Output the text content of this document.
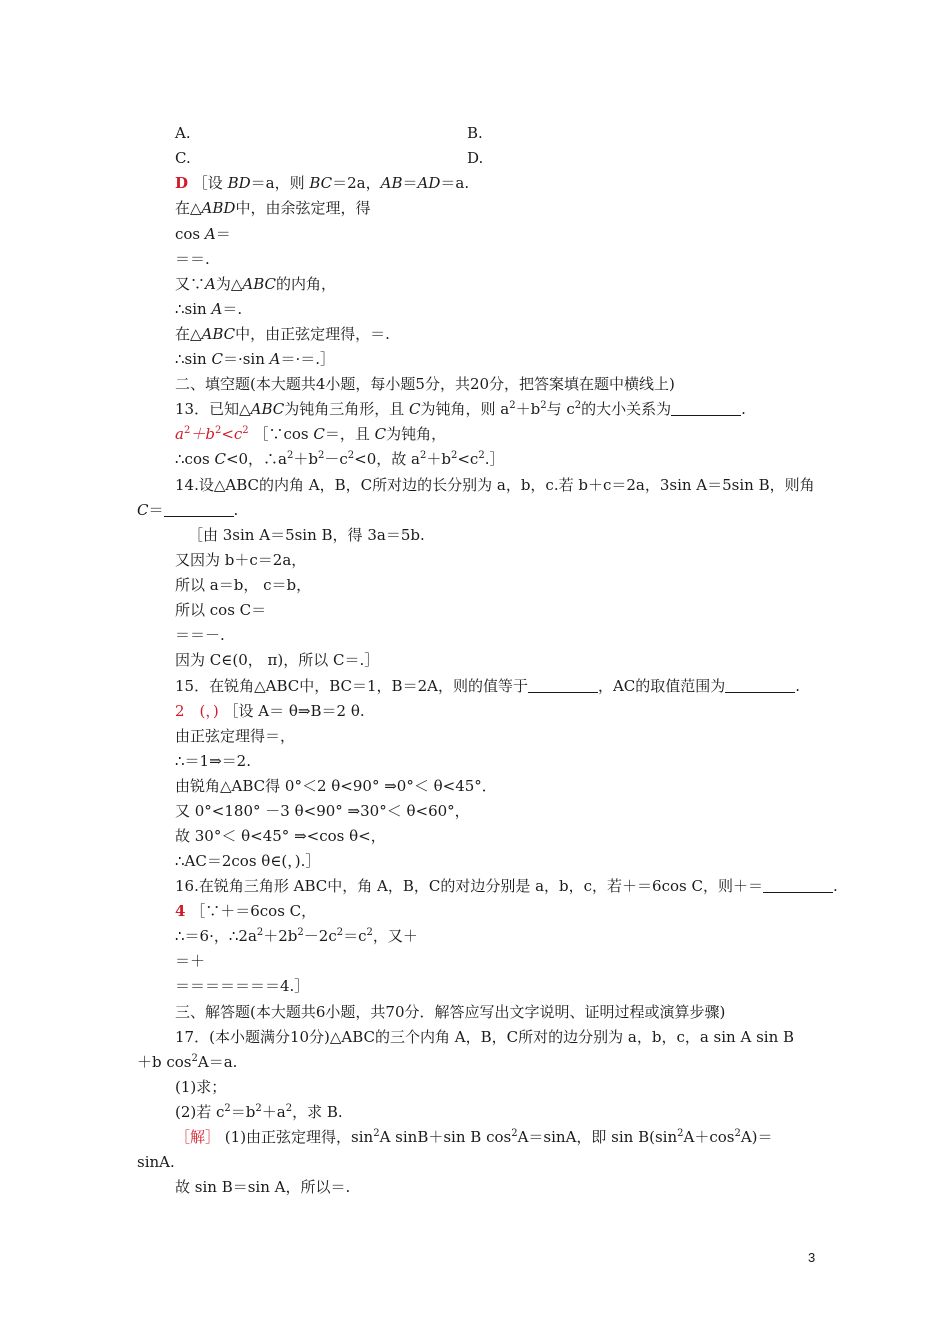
A.	B.
C.	D.
D ［设 BD＝a，则 BC＝2a，AB＝AD＝a.
在△ABD中，由余弦定理，得
cos A＝
＝＝.
又∵A为△ABC的内角，
∴sin A＝.
在△ABC中，由正弦定理得，＝.
∴sin C＝·sin A＝·＝.］
二、填空题(本大题共4小题，每小题5分，共20分，把答案填在题中横线上)
13．已知△ABC为钝角三角形，且 C为钝角，则 $a^2+b^2$与 $c^2$的大小关系为	.
$a^2+b^2<c^2$ ［∵cos C＝，且 C为钝角，
∴cos C<0，$\therefore a^2+b^2-c^2<0$，故 $a^2+b^2<c^2.]$
14.设△ABC的内角 A，B，C所对边的长分别为 a，b，c.若 b＋c＝2a，3sin A＝5sin B，则角
C＝	.
［由 3sin A＝5sin B，得 3a＝5b.
又因为 b＋c＝2a，
所以 a＝b， c＝b，
所以 cos C＝
＝＝－.
因为 C∈(0， π)，所以 C＝.］
15．在锐角△ABC中，BC＝1，B＝2A，则的值等于	，AC的取值范围为	.
2　(，) ［设 A＝ θ⇒B＝2 θ.
由正弦定理得＝，
∴＝1⇒＝2.
由锐角△ABC得 0°＜2 θ<90° ⇒0°＜ θ<45°．
又 0°<180° －3 θ<90° ⇒30°＜ θ<60°，
故 30°＜ θ<45° ⇒<cos θ<，
∴AC＝2cos θ∈(，).］
16.在锐角三角形 ABC中，角 A，B，C的对边分别是 a，b，c，若＋＝6cos C，则＋＝	.
4 ［∵＋＝6cos C，
∴＝6·，$\therefore 2a^2+2b^2-2c^2=c^2$，又＋
＝＋
＝＝＝＝＝＝＝4.］
三、解答题(本大题共6小题，共70分．解答应写出文字说明、证明过程或演算步骤)
17．(本小题满分10分)△ABC的三个内角 A，B，C所对的边分别为 a，b，c，a sin A sin B
＋b $\cos^2A=a$.
(1)求；
(2)若 $c^2=b^2+a^2$，求 B.
［解］ (1)由正弦定理得，$\sin^2A$ sinB＋sin B $\cos^2A=\sin A$，即 $\sin B(\sin^2A+\cos^2A)=$
sinA.
故 sin B＝sin A，所以＝.
3
